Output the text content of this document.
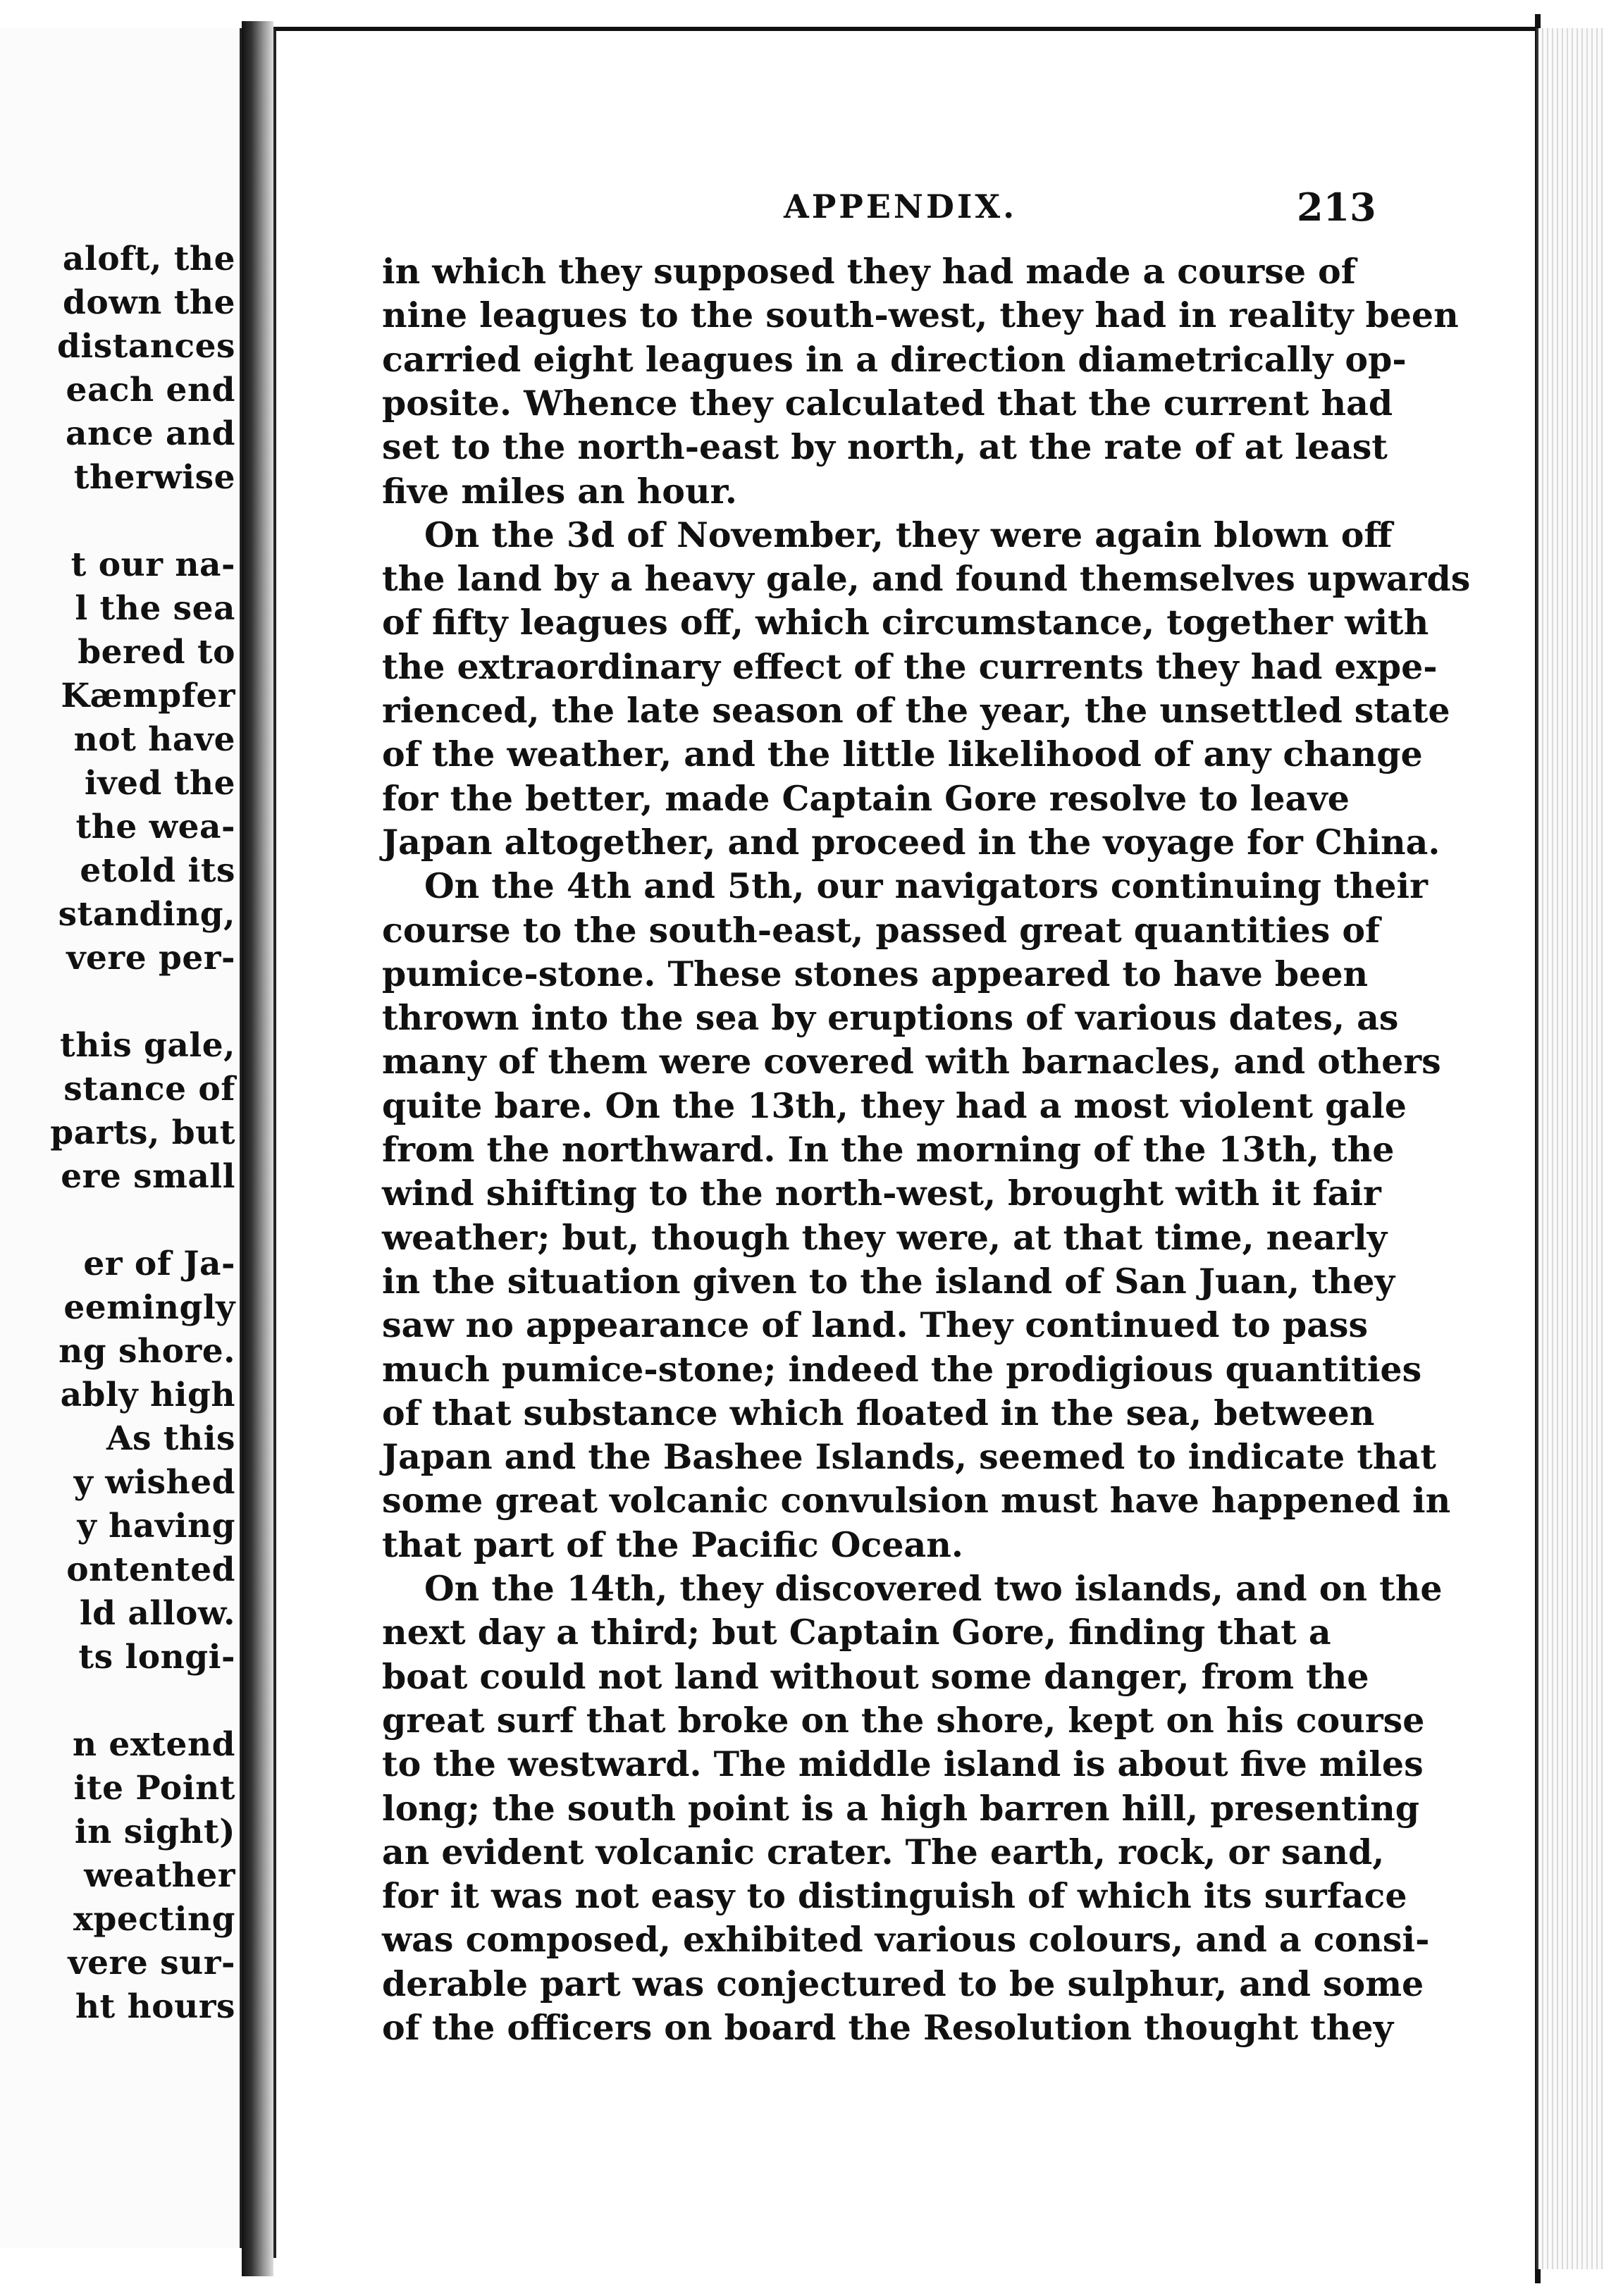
aloft, the
down the
distances
each end
ance and
therwise
t our na-
l the sea
bered to
Kæmpfer
not have
ived the
the wea-
etold its
standing,
vere per-
this gale,
stance of
parts, but
ere small
er of Ja-
eemingly
ng shore.
ably high
As this
y wished
y having
ontented
ld allow.
ts longi-
n extend
ite Point
in sight)
weather
xpecting
vere sur-
ht hours
APPENDIX.	213
in which they supposed they had made a course of
nine leagues to the south-west, they had in reality been
carried eight leagues in a direction diametrically op-
posite. Whence they calculated that the current had
set to the north-east by north, at the rate of at least
five miles an hour.
On the 3d of November, they were again blown off
the land by a heavy gale, and found themselves upwards
of fifty leagues off, which circumstance, together with
the extraordinary effect of the currents they had expe-
rienced, the late season of the year, the unsettled state
of the weather, and the little likelihood of any change
for the better, made Captain Gore resolve to leave
Japan altogether, and proceed in the voyage for China.
On the 4th and 5th, our navigators continuing their
course to the south-east, passed great quantities of
pumice-stone. These stones appeared to have been
thrown into the sea by eruptions of various dates, as
many of them were covered with barnacles, and others
quite bare. On the 13th, they had a most violent gale
from the northward. In the morning of the 13th, the
wind shifting to the north-west, brought with it fair
weather; but, though they were, at that time, nearly
in the situation given to the island of San Juan, they
saw no appearance of land. They continued to pass
much pumice-stone; indeed the prodigious quantities
of that substance which floated in the sea, between
Japan and the Bashee Islands, seemed to indicate that
some great volcanic convulsion must have happened in
that part of the Pacific Ocean.
On the 14th, they discovered two islands, and on the
next day a third; but Captain Gore, finding that a
boat could not land without some danger, from the
great surf that broke on the shore, kept on his course
to the westward. The middle island is about five miles
long; the south point is a high barren hill, presenting
an evident volcanic crater. The earth, rock, or sand,
for it was not easy to distinguish of which its surface
was composed, exhibited various colours, and a consi-
derable part was conjectured to be sulphur, and some
of the officers on board the Resolution thought they
